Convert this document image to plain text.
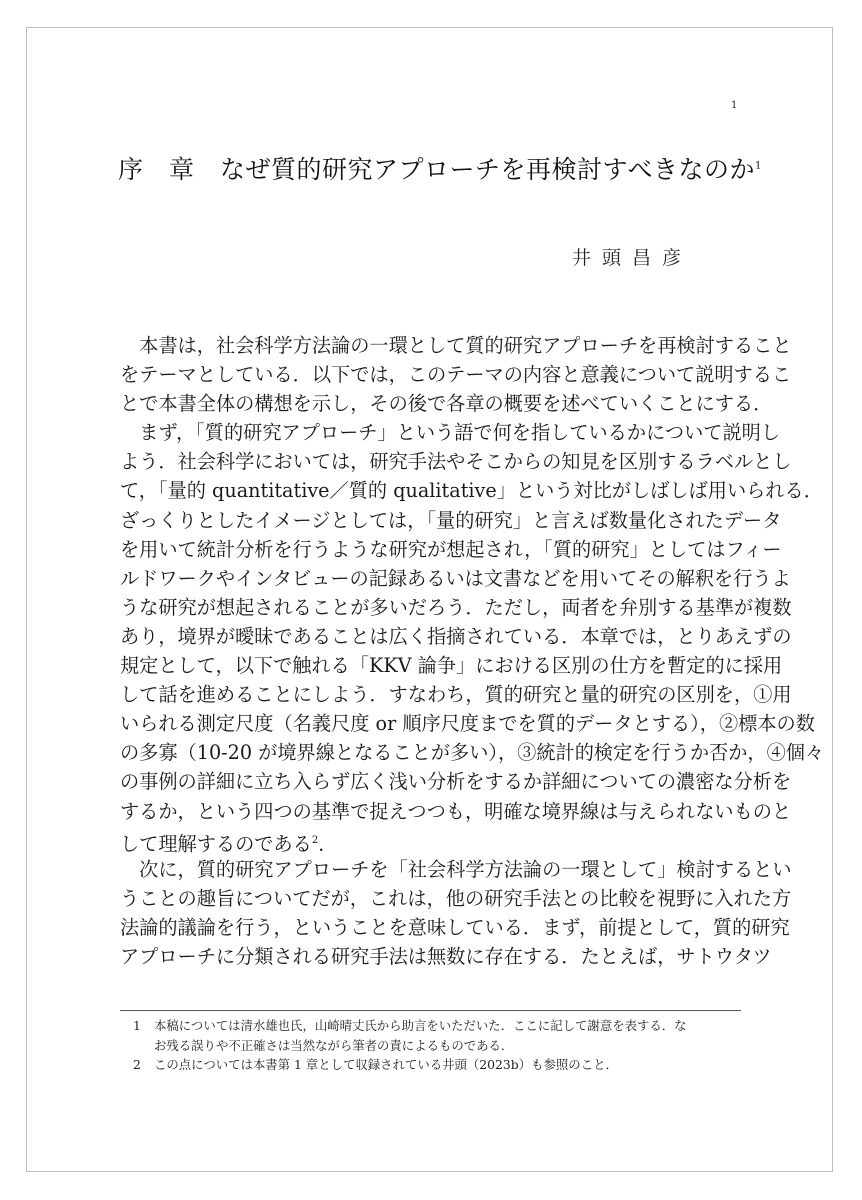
1
序　章　なぜ質的研究アプローチを再検討すべきなのか$^1$
井頭昌彦
　本書は，社会科学方法論の一環として質的研究アプローチを再検討すること
をテーマとしている．以下では，このテーマの内容と意義について説明するこ
とで本書全体の構想を示し，その後で各章の概要を述べていくことにする．
　まず，「質的研究アプローチ」という語で何を指しているかについて説明し
よう．社会科学においては，研究手法やそこからの知見を区別するラベルとし
て，「量的 quantitative／質的 qualitative」という対比がしばしば用いられる．
ざっくりとしたイメージとしては，「量的研究」と言えば数量化されたデータ
を用いて統計分析を行うような研究が想起され，「質的研究」としてはフィー
ルドワークやインタビューの記録あるいは文書などを用いてその解釈を行うよ
うな研究が想起されることが多いだろう．ただし，両者を弁別する基準が複数
あり，境界が曖昧であることは広く指摘されている．本章では，とりあえずの
規定として，以下で触れる「KKV 論争」における区別の仕方を暫定的に採用
して話を進めることにしよう．すなわち，質的研究と量的研究の区別を，①用
いられる測定尺度（名義尺度 or 順序尺度までを質的データとする），②標本の数
の多寡（10-20 が境界線となることが多い），③統計的検定を行うか否か，④個々
の事例の詳細に立ち入らず広く浅い分析をするか詳細についての濃密な分析を
するか，という四つの基準で捉えつつも，明確な境界線は与えられないものと
して理解するのである$^2$．
　次に，質的研究アプローチを「社会科学方法論の一環として」検討するとい
うことの趣旨についてだが，これは，他の研究手法との比較を視野に入れた方
法論的議論を行う，ということを意味している．まず，前提として，質的研究
アプローチに分類される研究手法は無数に存在する．たとえば，サトウタツ
1 本稿については清水雄也氏，山崎晴丈氏から助言をいただいた．ここに記して謝意を表する．な
お残る誤りや不正確さは当然ながら筆者の責によるものである．
2 この点については本書第 1 章として収録されている井頭（2023b）も参照のこと．
